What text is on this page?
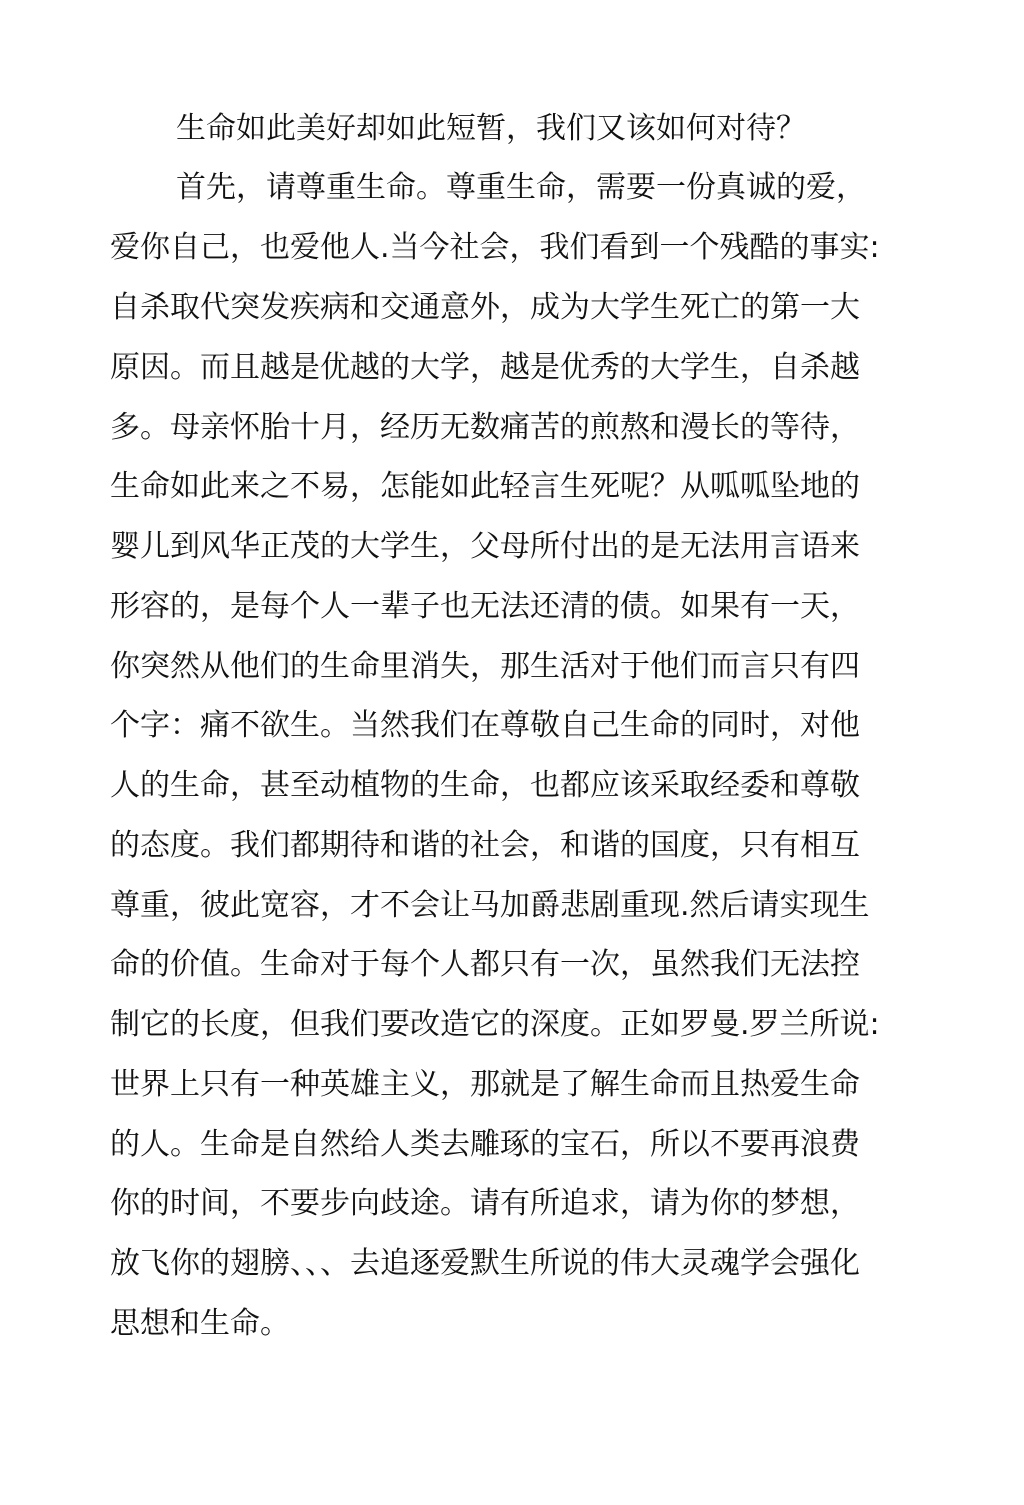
生命如此美好却如此短暂，我们又该如何对待？
首先，请尊重生命。尊重生命，需要一份真诚的爱，
爱你自己，也爱他人.当今社会，我们看到一个残酷的事实:
自杀取代突发疾病和交通意外，成为大学生死亡的第一大
原因。而且越是优越的大学，越是优秀的大学生，自杀越
多。母亲怀胎十月，经历无数痛苦的煎熬和漫长的等待，
生命如此来之不易，怎能如此轻言生死呢？从呱呱坠地的
婴儿到风华正茂的大学生，父母所付出的是无法用言语来
形容的，是每个人一辈子也无法还清的债。如果有一天，
你突然从他们的生命里消失，那生活对于他们而言只有四
个字：痛不欲生。当然我们在尊敬自己生命的同时，对他
人的生命，甚至动植物的生命，也都应该采取经委和尊敬
的态度。我们都期待和谐的社会，和谐的国度，只有相互
尊重，彼此宽容，才不会让马加爵悲剧重现.然后请实现生
命的价值。生命对于每个人都只有一次，虽然我们无法控
制它的长度，但我们要改造它的深度。正如罗曼.罗兰所说:
世界上只有一种英雄主义，那就是了解生命而且热爱生命
的人。生命是自然给人类去雕琢的宝石，所以不要再浪费
你的时间，不要步向歧途。请有所追求，请为你的梦想，
放飞你的翅膀、、、去追逐爱默生所说的伟大灵魂学会强化
思想和生命。
